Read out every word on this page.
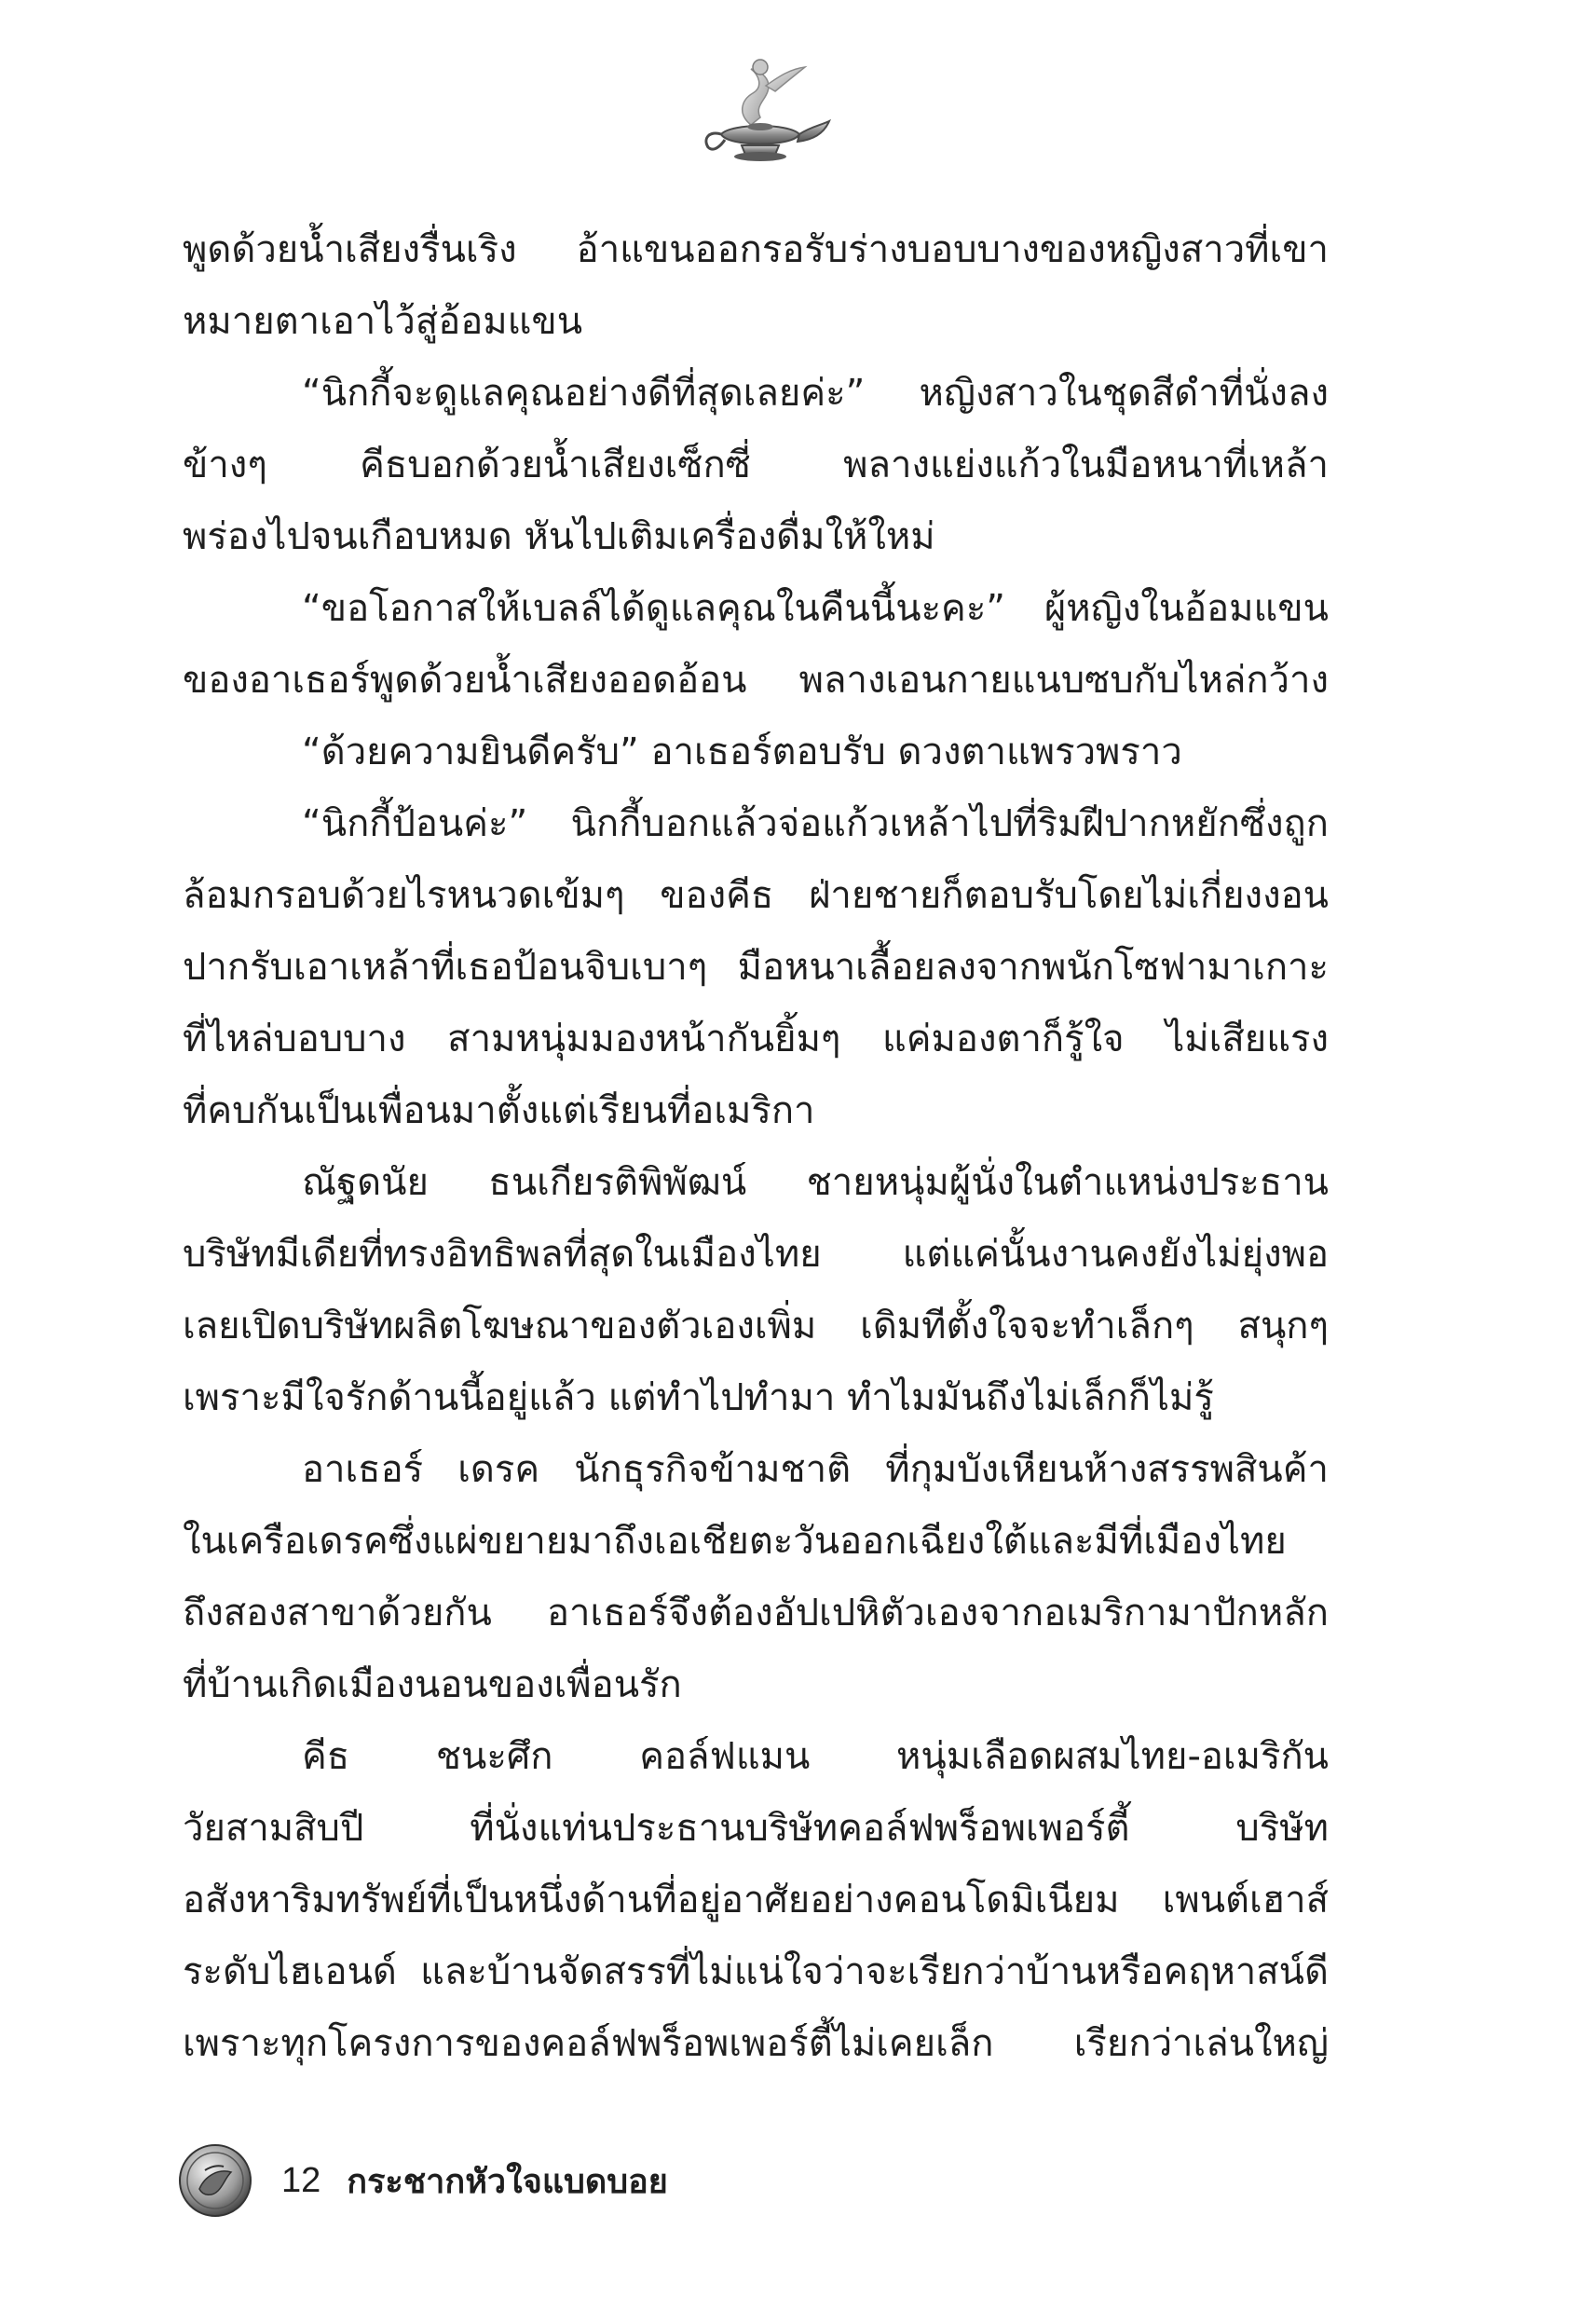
พูดด้วยน้ำเสียงรื่นเริง อ้าแขนออกรอรับร่างบอบบางของหญิงสาวที่เขา
หมายตาเอาไว้สู่อ้อมแขน
“นิกกี้จะดูแลคุณอย่างดีที่สุดเลยค่ะ” หญิงสาวในชุดสีดำที่นั่งลง
ข้างๆ คีธบอกด้วยน้ำเสียงเซ็กซี่ พลางแย่งแก้วในมือหนาที่เหล้า
พร่องไปจนเกือบหมด หันไปเติมเครื่องดื่มให้ใหม่
“ขอโอกาสให้เบลล์ได้ดูแลคุณในคืนนี้นะคะ” ผู้หญิงในอ้อมแขน
ของอาเธอร์พูดด้วยน้ำเสียงออดอ้อน พลางเอนกายแนบซบกับไหล่กว้าง
“ด้วยความยินดีครับ” อาเธอร์ตอบรับ ดวงตาแพรวพราว
“นิกกี้ป้อนค่ะ” นิกกี้บอกแล้วจ่อแก้วเหล้าไปที่ริมฝีปากหยักซึ่งถูก
ล้อมกรอบด้วยไรหนวดเข้มๆ ของคีธ ฝ่ายชายก็ตอบรับโดยไม่เกี่ยงงอน
ปากรับเอาเหล้าที่เธอป้อนจิบเบาๆ มือหนาเลื้อยลงจากพนักโซฟามาเกาะ
ที่ไหล่บอบบาง สามหนุ่มมองหน้ากันยิ้มๆ แค่มองตาก็รู้ใจ ไม่เสียแรง
ที่คบกันเป็นเพื่อนมาตั้งแต่เรียนที่อเมริกา
ณัฐดนัย ธนเกียรติพิพัฒน์ ชายหนุ่มผู้นั่งในตำแหน่งประธาน
บริษัทมีเดียที่ทรงอิทธิพลที่สุดในเมืองไทย แต่แค่นั้นงานคงยังไม่ยุ่งพอ
เลยเปิดบริษัทผลิตโฆษณาของตัวเองเพิ่ม เดิมทีตั้งใจจะทำเล็กๆ สนุกๆ
เพราะมีใจรักด้านนี้อยู่แล้ว แต่ทำไปทำมา ทำไมมันถึงไม่เล็กก็ไม่รู้
อาเธอร์ เดรค นักธุรกิจข้ามชาติ ที่กุมบังเหียนห้างสรรพสินค้า
ในเครือเดรคซึ่งแผ่ขยายมาถึงเอเชียตะวันออกเฉียงใต้และมีที่เมืองไทย
ถึงสองสาขาด้วยกัน อาเธอร์จึงต้องอัปเปหิตัวเองจากอเมริกามาปักหลัก
ที่บ้านเกิดเมืองนอนของเพื่อนรัก
คีธ ชนะศึก คอล์ฟแมน หนุ่มเลือดผสมไทย-อเมริกัน
วัยสามสิบปี ที่นั่งแท่นประธานบริษัทคอล์ฟพร็อพเพอร์ตี้ บริษัท
อสังหาริมทรัพย์ที่เป็นหนึ่งด้านที่อยู่อาศัยอย่างคอนโดมิเนียม เพนต์เฮาส์
ระดับไฮเอนด์ และบ้านจัดสรรที่ไม่แน่ใจว่าจะเรียกว่าบ้านหรือคฤหาสน์ดี
เพราะทุกโครงการของคอล์ฟพร็อพเพอร์ตี้ไม่เคยเล็ก เรียกว่าเล่นใหญ่
12 กระชากหัวใจแบดบอย
